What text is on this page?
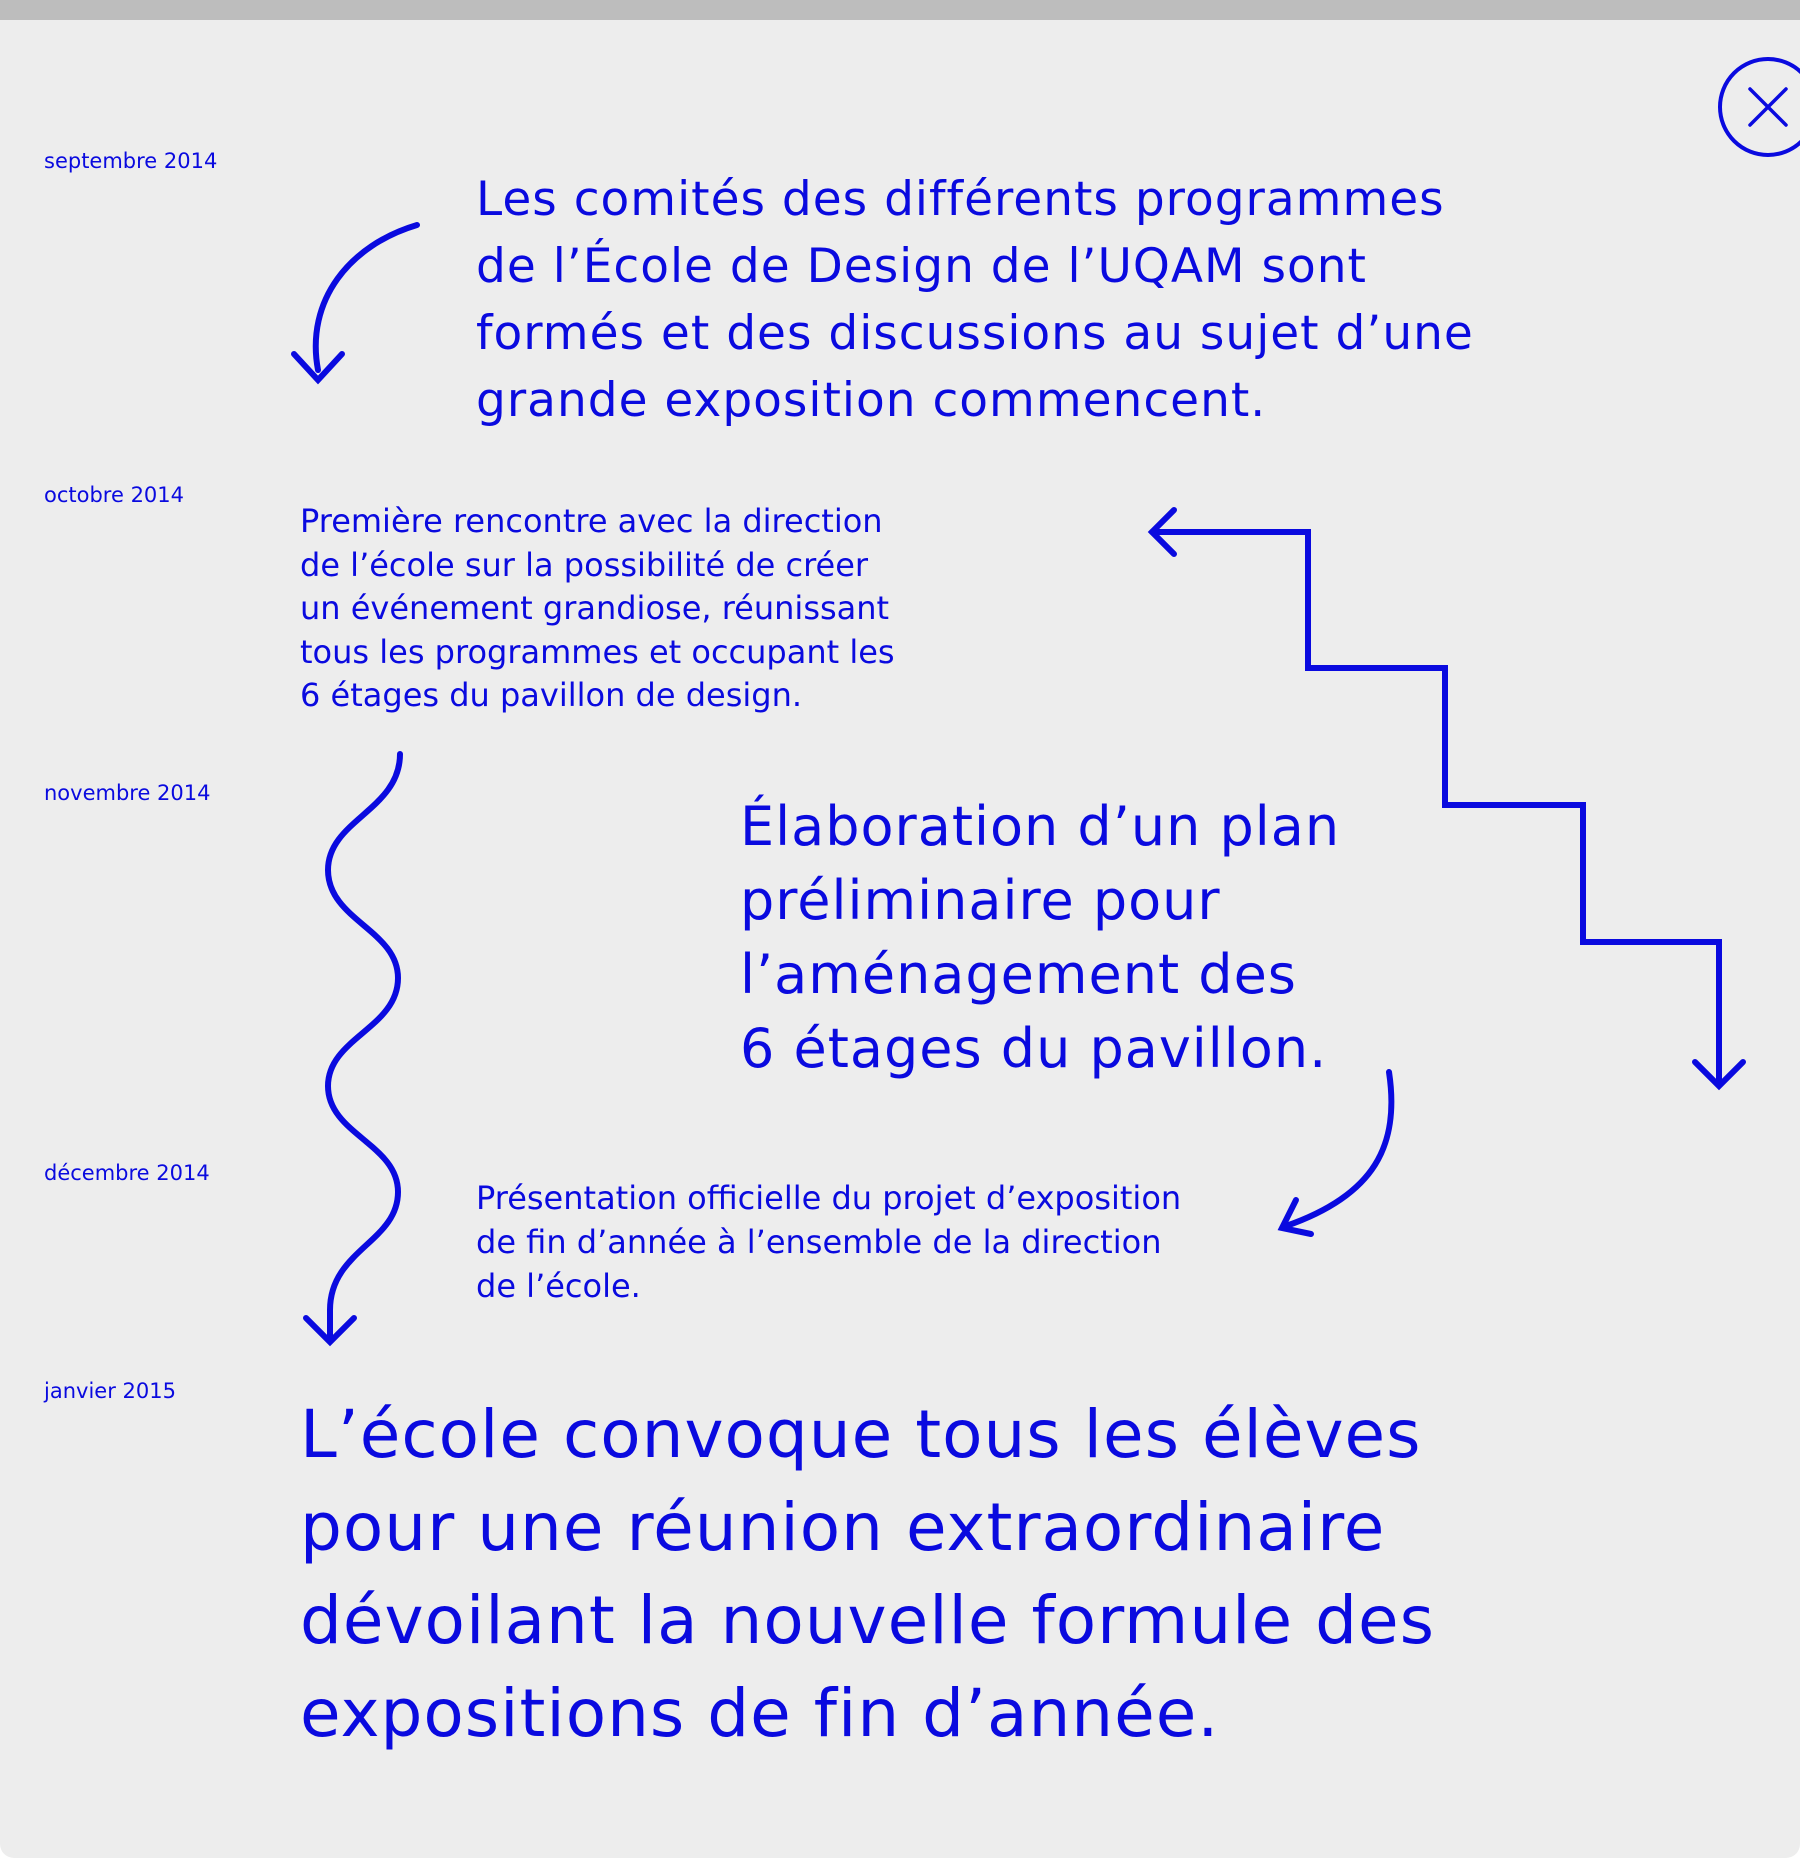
septembre 2014
octobre 2014
novembre 2014
décembre 2014
janvier 2015

Les comités des différents programmes
de l’École de Design de l’UQAM sont
formés et des discussions au sujet d’une
grande exposition commencent.

Première rencontre avec la direction
de l’école sur la possibilité de créer
un événement grandiose, réunissant
tous les programmes et occupant les
6 étages du pavillon de design.

Élaboration d’un plan
préliminaire pour
l’aménagement des
6 étages du pavillon.

Présentation officielle du projet d’exposition
de fin d’année à l’ensemble de la direction
de l’école.

L’école convoque tous les élèves
pour une réunion extraordinaire
dévoilant la nouvelle formule des
expositions de fin d’année.
